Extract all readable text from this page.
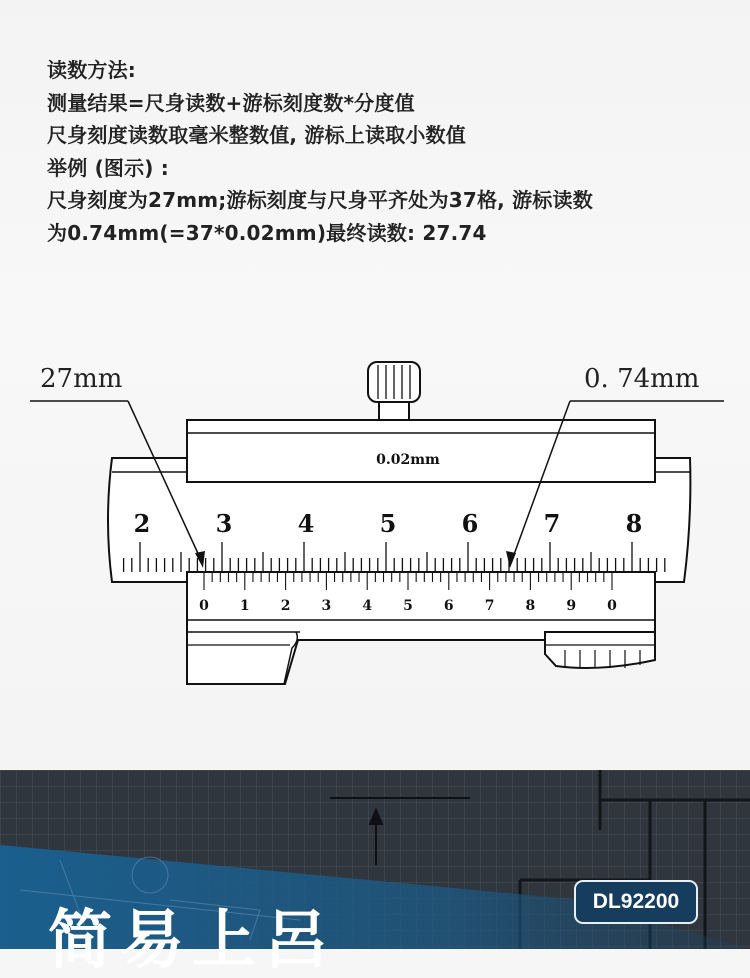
读数方法:
测量结果=尺身读数+游标刻度数*分度值
尺身刻度读数取毫米整数值, 游标上读取小数值
举例 (图示) :
尺身刻度为27mm;游标刻度与尺身平齐处为37格, 游标读数
为0.74mm(=37*0.02mm)最终读数: 27.74
0.02mm
2	3	4	5	6	7	8
0 1 2 3 4 5 6 7 8 9 0
27mm	0. 74mm
简易上呂
DL92200
